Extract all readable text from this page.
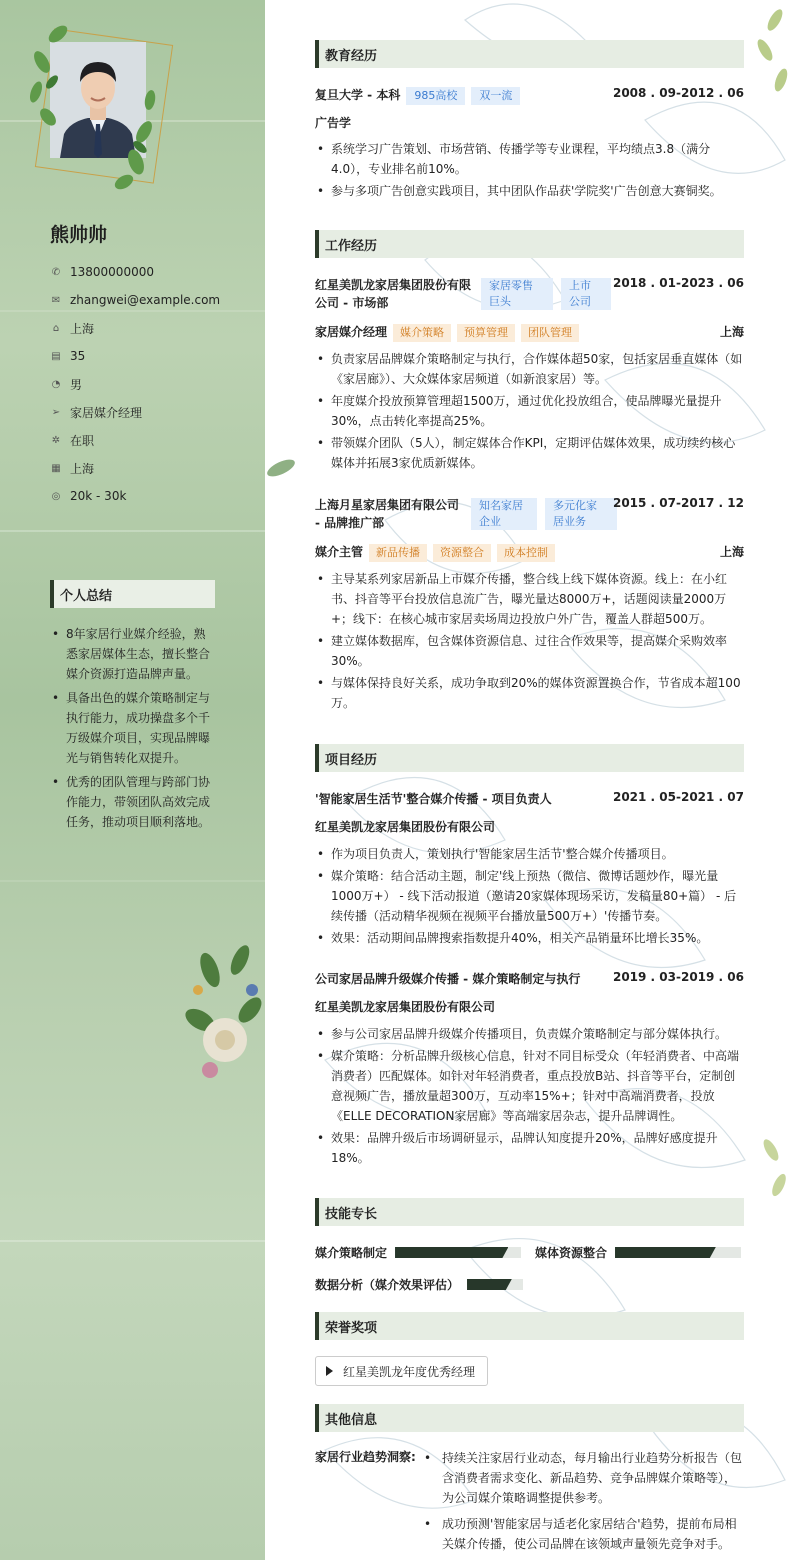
熊帅帅
✆ 13800000000
✉ zhangwei@example.com
⌂ 上海
▤ 35
◔ 男
➢ 家居媒介经理
✲ 在职
▦ 上海
◎ 20k - 30k
个人总结
• 8年家居行业媒介经验，熟悉家居媒体生态，擅长整合媒介资源打造品牌声量。
• 具备出色的媒介策略制定与执行能力，成功操盘多个千万级媒介项目，实现品牌曝光与销售转化双提升。
• 优秀的团队管理与跨部门协作能力，带领团队高效完成任务，推动项目顺利落地。
教育经历
复旦大学 - 本科 985高校 双一流	2008 . 09-2012 . 06
广告学
• 系统学习广告策划、市场营销、传播学等专业课程，平均绩点3.8（满分4.0），专业排名前10%。
• 参与多项广告创意实践项目，其中团队作品获'学院奖'广告创意大赛铜奖。
工作经历
红星美凯龙家居集团股份有限
公司 - 市场部
家居零售
巨头
上市
公司
2018 . 01-2023 . 06
家居媒介经理 媒介策略 预算管理 团队管理	上海
• 负责家居品牌媒介策略制定与执行，合作媒体超50家，包括家居垂直媒体（如《家居廊》）、大众媒体家居频道（如新浪家居）等。
• 年度媒介投放预算管理超1500万，通过优化投放组合，使品牌曝光量提升30%，点击转化率提高25%。
• 带领媒介团队（5人），制定媒体合作KPI，定期评估媒体效果，成功续约核心媒体并拓展3家优质新媒体。
上海月星家居集团有限公司
- 品牌推广部
知名家居
企业
多元化家
居业务
2015 . 07-2017 . 12
媒介主管 新品传播 资源整合 成本控制	上海
• 主导某系列家居新品上市媒介传播，整合线上线下媒体资源。线上：在小红书、抖音等平台投放信息流广告，曝光量达8000万+，话题阅读量2000万+；线下：在核心城市家居卖场周边投放户外广告，覆盖人群超500万。
• 建立媒体数据库，包含媒体资源信息、过往合作效果等，提高媒介采购效率30%。
• 与媒体保持良好关系，成功争取到20%的媒体资源置换合作，节省成本超100万。
项目经历
'智能家居生活节'整合媒介传播 - 项目负责人	2021 . 05-2021 . 07
红星美凯龙家居集团股份有限公司
• 作为项目负责人，策划执行'智能家居生活节'整合媒介传播项目。
• 媒介策略：结合活动主题，制定'线上预热（微信、微博话题炒作，曝光量1000万+） - 线下活动报道（邀请20家媒体现场采访，发稿量80+篇） - 后续传播（活动精华视频在视频平台播放量500万+）'传播节奏。
• 效果：活动期间品牌搜索指数提升40%，相关产品销量环比增长35%。
公司家居品牌升级媒介传播 - 媒介策略制定与执行	2019 . 03-2019 . 06
红星美凯龙家居集团股份有限公司
• 参与公司家居品牌升级媒介传播项目，负责媒介策略制定与部分媒体执行。
• 媒介策略：分析品牌升级核心信息，针对不同目标受众（年轻消费者、中高端消费者）匹配媒体。如针对年轻消费者，重点投放B站、抖音等平台，定制创意视频广告，播放量超300万，互动率15%+；针对中高端消费者，投放《ELLE DECORATION家居廊》等高端家居杂志，提升品牌调性。
• 效果：品牌升级后市场调研显示，品牌认知度提升20%，品牌好感度提升18%。
技能专长
媒介策略制定	媒体资源整合
数据分析（媒介效果评估）
荣誉奖项
红星美凯龙年度优秀经理
其他信息
家居行业趋势洞察:
•	持续关注家居行业动态，每月输出行业趋势分析报告（包含消费者需求变化、新品趋势、竞争品牌媒介策略等），为公司媒介策略调整提供参考。
• 成功预测'智能家居与适老化家居结合'趋势，提前布局相关媒介传播，使公司品牌在该领域声量领先竞争对手。
